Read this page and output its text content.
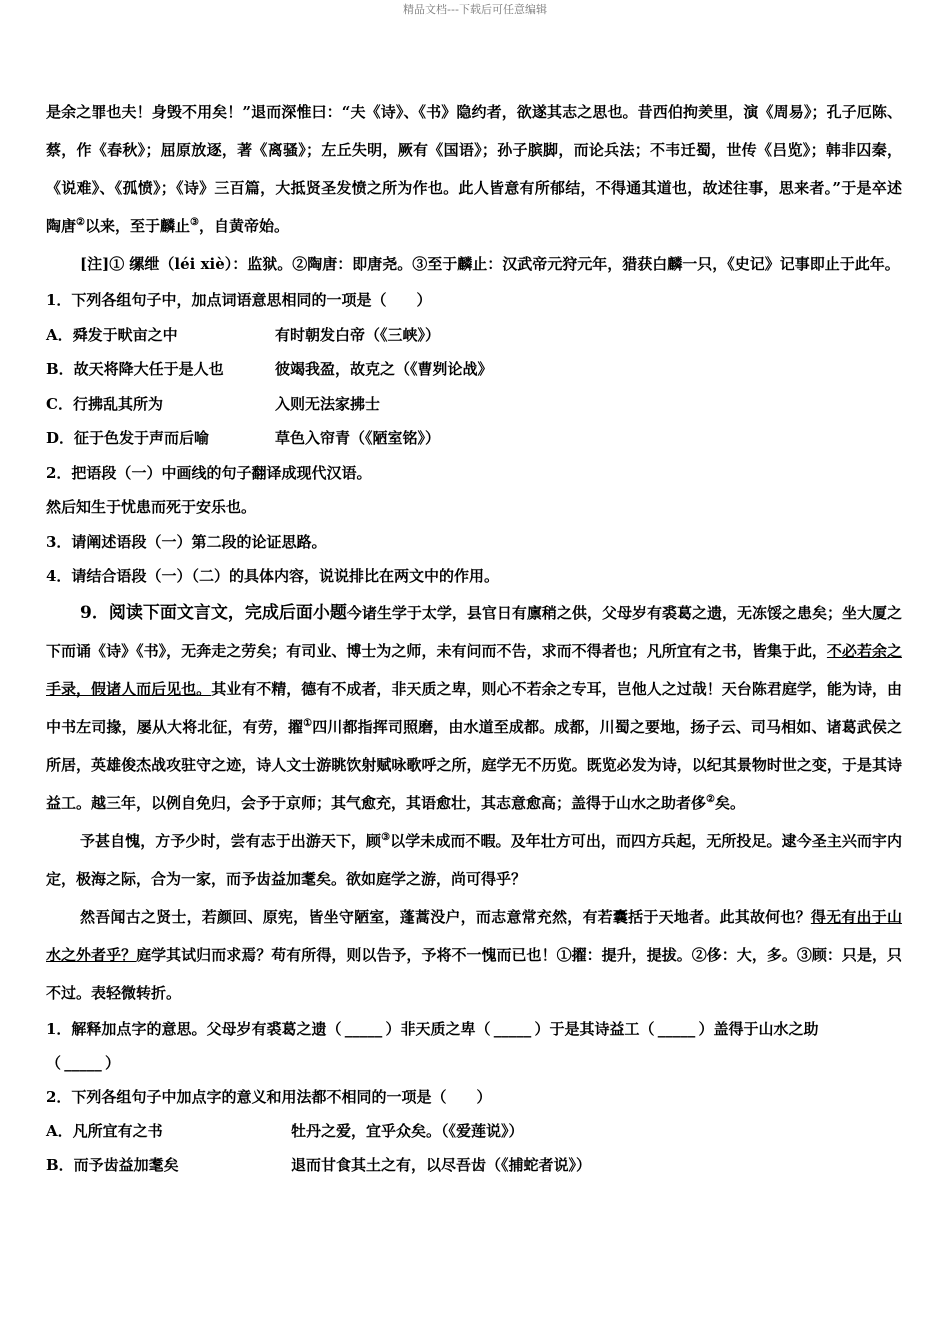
精品文档---下载后可任意编辑

是余之罪也夫！身毁不用矣！”退而深惟曰：“夫《诗》、《书》隐约者，欲遂其志之思也。昔西伯拘羑里，演《周易》；孔子厄陈、蔡，作《春秋》；屈原放逐，著《离骚》；左丘失明，厥有《国语》；孙子膑脚，而论兵法；不韦迁蜀，世传《吕览》；韩非囚秦，《说难》、《孤愤》；《诗》三百篇，大抵贤圣发愤之所为作也。此人皆意有所郁结，不得通其道也，故述往事，思来者。”于是卒述陶唐②以来，至于麟止③，自黄帝始。

[注]① 缧绁（léi xiè）：监狱。②陶唐：即唐尧。③至于麟止：汉武帝元狩元年，猎获白麟一只，《史记》记事即止于此年。

1．下列各组句子中，加点词语意思相同的一项是（　　）

A．舜发于畎亩之中	有时朝发白帝（《三峡》）
B．故天将降大任于是人也	彼竭我盈，故克之（《曹刿论战》
C．行拂乱其所为	入则无法家拂士
D．征于色发于声而后喻	草色入帘青（《陋室铭》）

2．把语段（一）中画线的句子翻译成现代汉语。

然后知生于忧患而死于安乐也。

3．请阐述语段（一）第二段的论证思路。

4．请结合语段（一）（二）的具体内容，说说排比在两文中的作用。

9．阅读下面文言文，完成后面小题今诸生学于太学，县官日有廪稍之供，父母岁有裘葛之遗，无冻馁之患矣；坐大厦之下而诵《诗》《书》，无奔走之劳矣；有司业、博士为之师，未有问而不告，求而不得者也；凡所宜有之书，皆集于此，不必若余之手录，假诸人而后见也。其业有不精，德有不成者，非天质之卑，则心不若余之专耳，岂他人之过哉！天台陈君庭学，能为诗，由中书左司掾，屡从大将北征，有劳，擢①四川都指挥司照磨，由水道至成都。成都，川蜀之要地，扬子云、司马相如、诸葛武侯之所居，英雄俊杰战攻驻守之迹，诗人文士游眺饮射赋咏歌呼之所，庭学无不历览。既览必发为诗，以纪其景物时世之变，于是其诗益工。越三年，以例自免归，会予于京师；其气愈充，其语愈壮，其志意愈高；盖得于山水之助者侈②矣。

予甚自愧，方予少时，尝有志于出游天下，顾③以学未成而不暇。及年壮方可出，而四方兵起，无所投足。逮今圣主兴而宇内定，极海之际，合为一家，而予齿益加耄矣。欲如庭学之游，尚可得乎？

然吾闻古之贤士，若颜回、原宪，皆坐守陋室，蓬蒿没户，而志意常充然，有若囊括于天地者。此其故何也？得无有出于山水之外者乎？庭学其试归而求焉？苟有所得，则以告予，予将不一愧而已也！①擢：提升，提拔。②侈：大，多。③顾：只是，只不过。表轻微转折。

1．解释加点字的意思。父母岁有裘葛之遗（ _____ ）非天质之卑（ _____ ）于是其诗益工（ _____ ）盖得于山水之助

（ _____ ）

2．下列各组句子中加点字的意义和用法都不相同的一项是（　　）

A．凡所宜有之书	牡丹之爱，宜乎众矣。（《爱莲说》）
B．而予齿益加耄矣	退而甘食其土之有，以尽吾齿（《捕蛇者说》）
